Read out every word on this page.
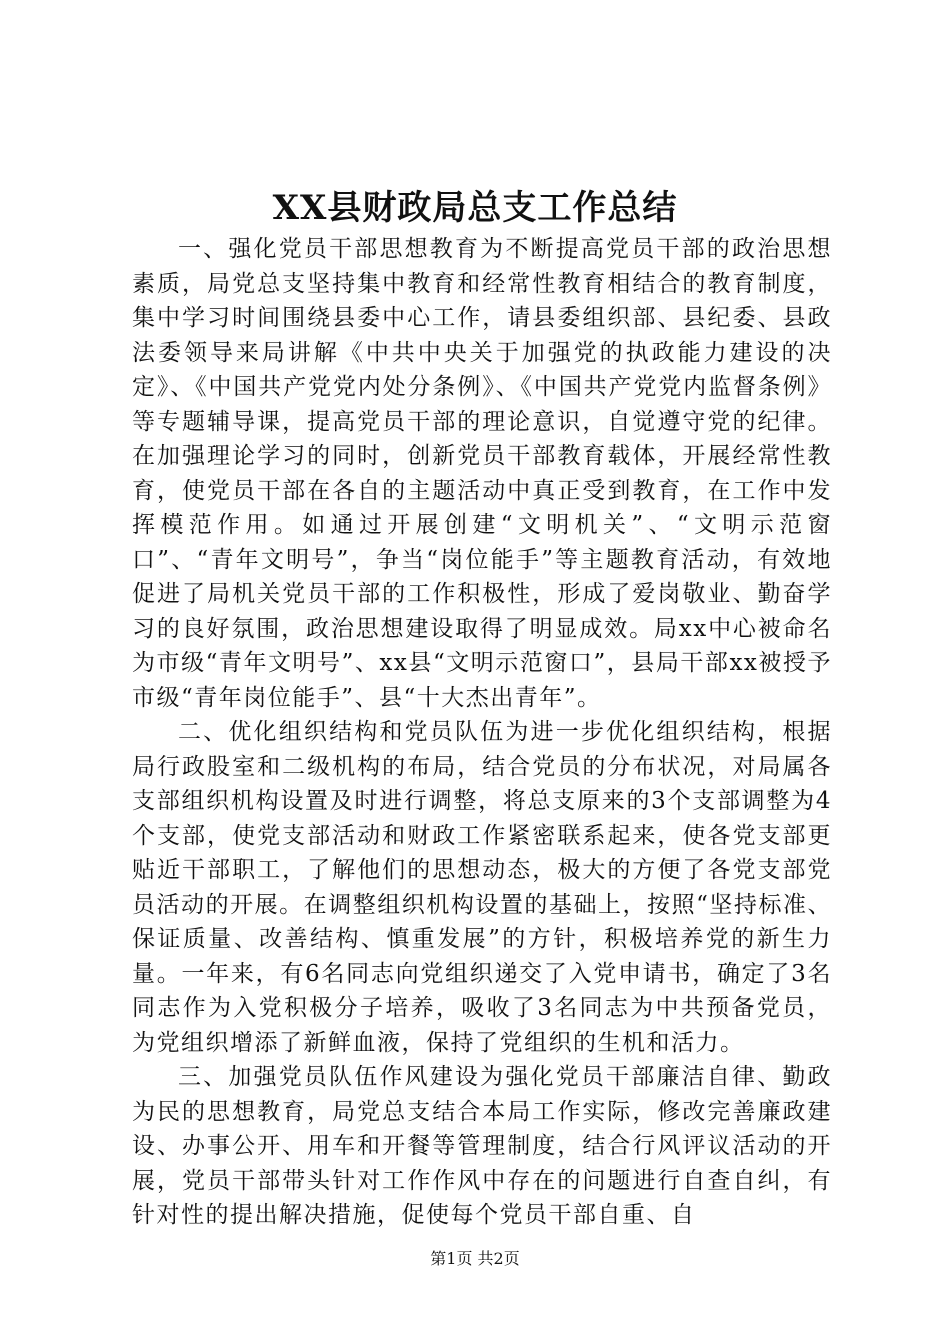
XX县财政局总支工作总结

一、强化党员干部思想教育为不断提高党员干部的政治思想素质，局党总支坚持集中教育和经常性教育相结合的教育制度，集中学习时间围绕县委中心工作，请县委组织部、县纪委、县政法委领导来局讲解《中共中央关于加强党的执政能力建设的决定》、《中国共产党党内处分条例》、《中国共产党党内监督条例》等专题辅导课，提高党员干部的理论意识，自觉遵守党的纪律。在加强理论学习的同时，创新党员干部教育载体，开展经常性教育，使党员干部在各自的主题活动中真正受到教育，在工作中发挥模范作用。如通过开展创建“文明机关”、“文明示范窗口”、“青年文明号”，争当“岗位能手”等主题教育活动，有效地促进了局机关党员干部的工作积极性，形成了爱岗敬业、勤奋学习的良好氛围，政治思想建设取得了明显成效。局xx中心被命名为市级“青年文明号”、xx县“文明示范窗口”，县局干部xx被授予市级“青年岗位能手”、县“十大杰出青年”。

二、优化组织结构和党员队伍为进一步优化组织结构，根据局行政股室和二级机构的布局，结合党员的分布状况，对局属各支部组织机构设置及时进行调整，将总支原来的3个支部调整为4个支部，使党支部活动和财政工作紧密联系起来，使各党支部更贴近干部职工，了解他们的思想动态，极大的方便了各党支部党员活动的开展。在调整组织机构设置的基础上，按照“坚持标准、保证质量、改善结构、慎重发展”的方针，积极培养党的新生力量。一年来，有6名同志向党组织递交了入党申请书，确定了3名同志作为入党积极分子培养，吸收了3名同志为中共预备党员，为党组织增添了新鲜血液，保持了党组织的生机和活力。

三、加强党员队伍作风建设为强化党员干部廉洁自律、勤政为民的思想教育，局党总支结合本局工作实际，修改完善廉政建设、办事公开、用车和开餐等管理制度，结合行风评议活动的开展，党员干部带头针对工作作风中存在的问题进行自查自纠，有针对性的提出解决措施，促使每个党员干部自重、自

第1页 共2页
